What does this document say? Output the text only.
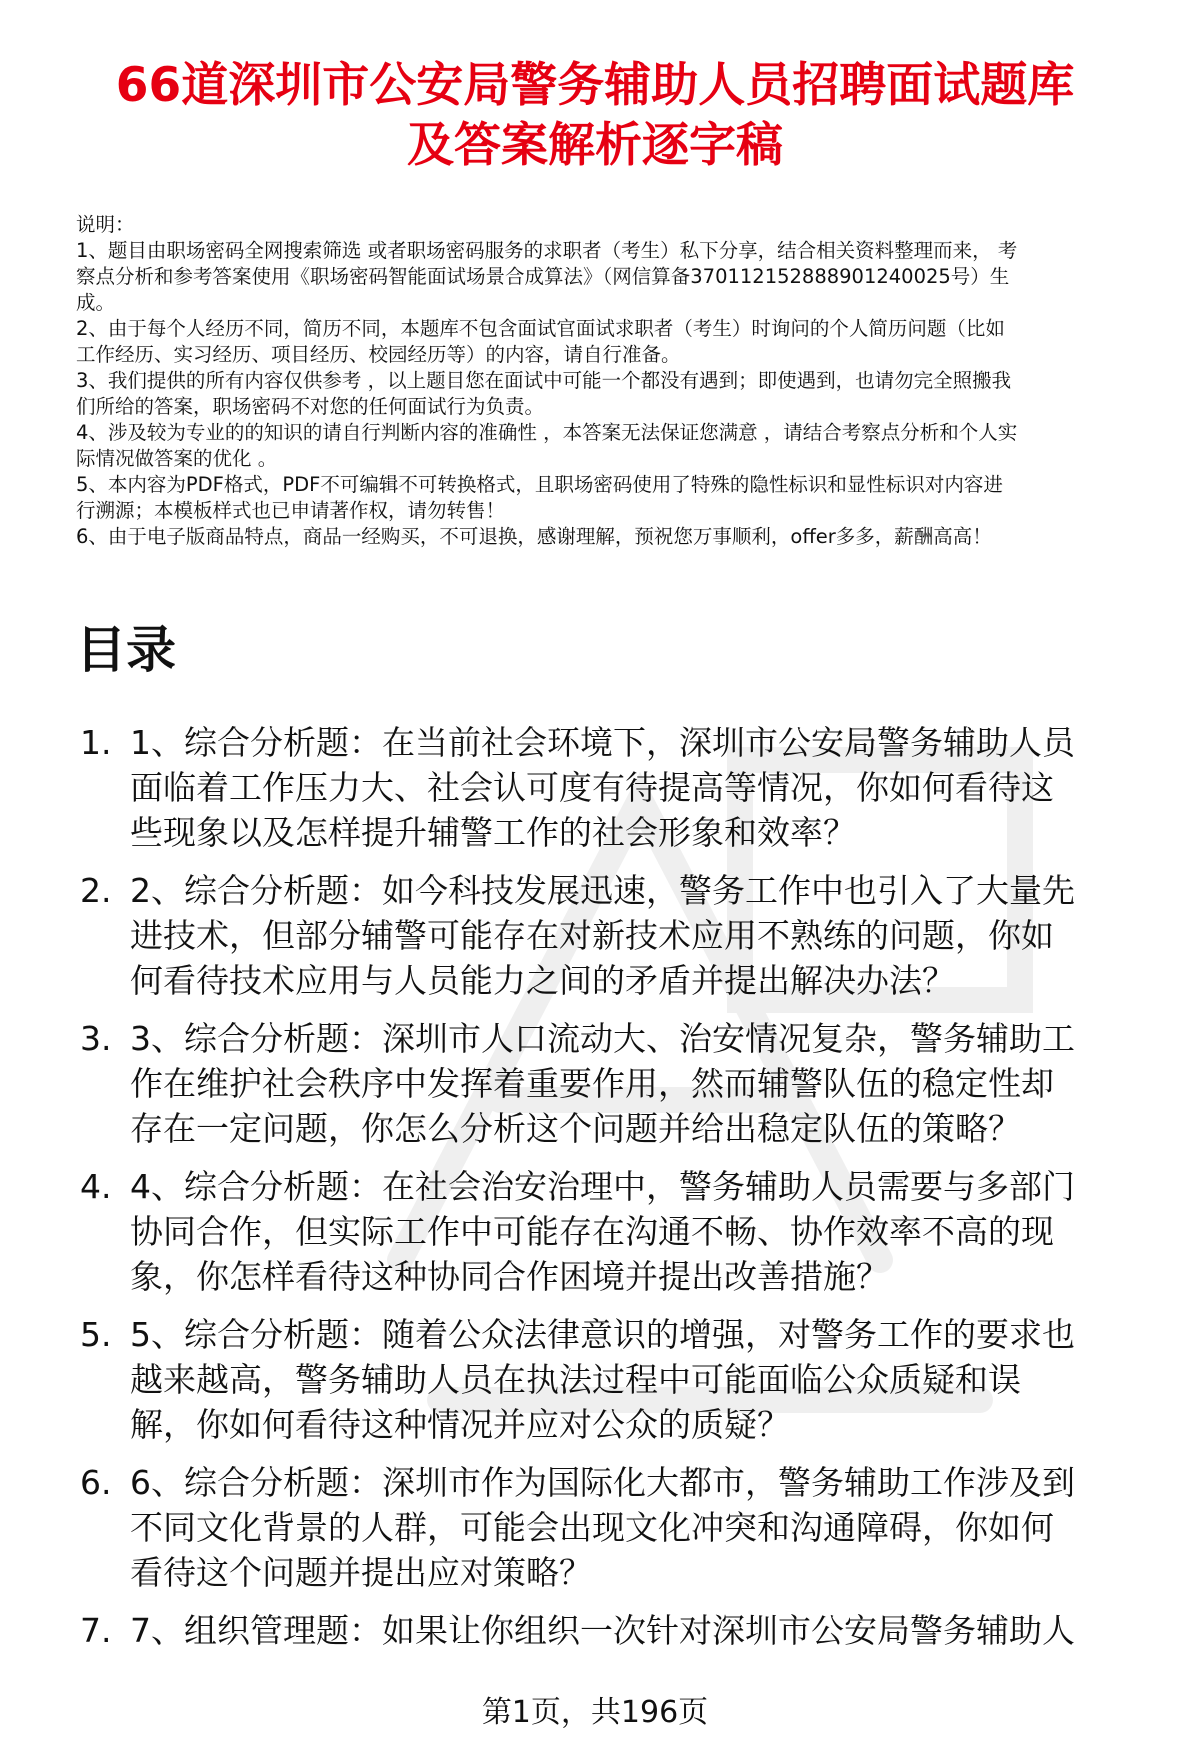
66道深圳市公安局警务辅助人员招聘面试题库
及答案解析逐字稿
说明：
1、题目由职场密码全网搜索筛选 或者职场密码服务的求职者（考生）私下分享，结合相关资料整理而来， 考
察点分析和参考答案使用《职场密码智能面试场景合成算法》（网信算备370112152888901240025号）生
成。
2、由于每个人经历不同，简历不同，本题库不包含面试官面试求职者（考生）时询问的个人简历问题（比如
工作经历、实习经历、项目经历、校园经历等）的内容，请自行准备。
3、我们提供的所有内容仅供参考 ，以上题目您在面试中可能一个都没有遇到；即使遇到，也请勿完全照搬我
们所给的答案，职场密码不对您的任何面试行为负责。
4、涉及较为专业的的知识的请自行判断内容的准确性 ，本答案无法保证您满意 ，请结合考察点分析和个人实
际情况做答案的优化 。
5、本内容为PDF格式，PDF不可编辑不可转换格式，且职场密码使用了特殊的隐性标识和显性标识对内容进
行溯源；本模板样式也已申请著作权，请勿转售！
6、由于电子版商品特点，商品一经购买，不可退换，感谢理解，预祝您万事顺利，offer多多，薪酬高高！
目录
1. 1、综合分析题：在当前社会环境下，深圳市公安局警务辅助人员
面临着工作压力大、社会认可度有待提高等情况，你如何看待这
些现象以及怎样提升辅警工作的社会形象和效率？
2. 2、综合分析题：如今科技发展迅速，警务工作中也引入了大量先
进技术，但部分辅警可能存在对新技术应用不熟练的问题，你如
何看待技术应用与人员能力之间的矛盾并提出解决办法？
3. 3、综合分析题：深圳市人口流动大、治安情况复杂，警务辅助工
作在维护社会秩序中发挥着重要作用，然而辅警队伍的稳定性却
存在一定问题，你怎么分析这个问题并给出稳定队伍的策略？
4. 4、综合分析题：在社会治安治理中，警务辅助人员需要与多部门
协同合作，但实际工作中可能存在沟通不畅、协作效率不高的现
象，你怎样看待这种协同合作困境并提出改善措施？
5. 5、综合分析题：随着公众法律意识的增强，对警务工作的要求也
越来越高，警务辅助人员在执法过程中可能面临公众质疑和误
解，你如何看待这种情况并应对公众的质疑？
6. 6、综合分析题：深圳市作为国际化大都市，警务辅助工作涉及到
不同文化背景的人群，可能会出现文化冲突和沟通障碍，你如何
看待这个问题并提出应对策略？
7. 7、组织管理题：如果让你组织一次针对深圳市公安局警务辅助人
第1页，共196页
